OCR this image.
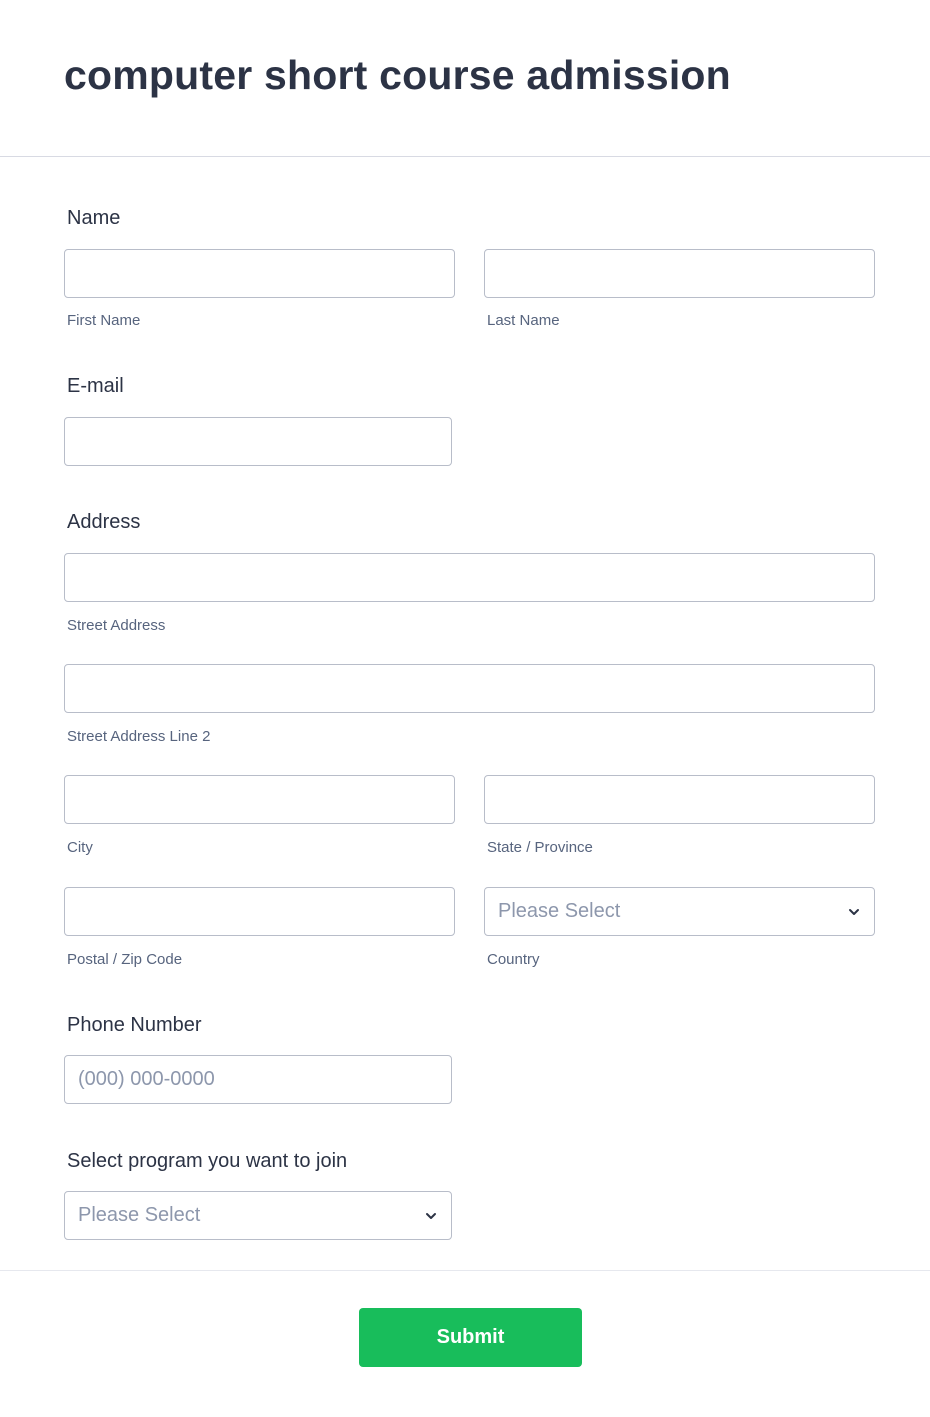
computer short course admission
Name
First Name	Last Name
E-mail
Address
Street Address
Street Address Line 2
City	State / Province
Please Select
Postal / Zip Code	Country
Phone Number
(000) 000-0000
Select program you want to join
Please Select
Submit
